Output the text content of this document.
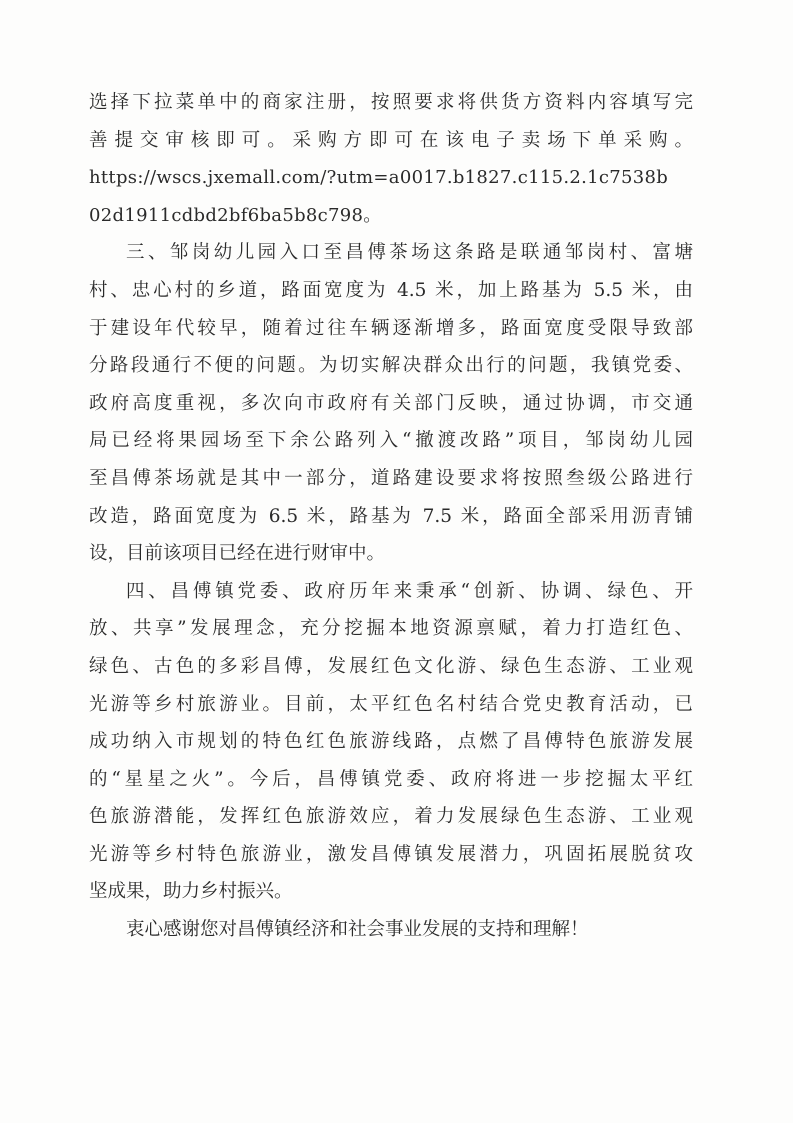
选择下拉菜单中的商家注册，按照要求将供货方资料内容填写完
善提交审核即可。采购方即可在该电子卖场下单采购。
https://wscs.jxemall.com/?utm=a0017.b1827.c115.2.1c7538b
02d1911cdbd2bf6ba5b8c798。
三、邹岗幼儿园入口至昌傅茶场这条路是联通邹岗村、富塘
村、忠心村的乡道，路面宽度为 4.5 米，加上路基为 5.5 米，由
于建设年代较早，随着过往车辆逐渐增多，路面宽度受限导致部
分路段通行不便的问题。为切实解决群众出行的问题，我镇党委、
政府高度重视，多次向市政府有关部门反映，通过协调，市交通
局已经将果园场至下余公路列入“撤渡改路”项目，邹岗幼儿园
至昌傅茶场就是其中一部分，道路建设要求将按照叁级公路进行
改造，路面宽度为 6.5 米，路基为 7.5 米，路面全部采用沥青铺
设，目前该项目已经在进行财审中。
四、昌傅镇党委、政府历年来秉承“创新、协调、绿色、开
放、共享”发展理念，充分挖掘本地资源禀赋，着力打造红色、
绿色、古色的多彩昌傅，发展红色文化游、绿色生态游、工业观
光游等乡村旅游业。目前，太平红色名村结合党史教育活动，已
成功纳入市规划的特色红色旅游线路，点燃了昌傅特色旅游发展
的“星星之火”。今后，昌傅镇党委、政府将进一步挖掘太平红
色旅游潜能，发挥红色旅游效应，着力发展绿色生态游、工业观
光游等乡村特色旅游业，激发昌傅镇发展潜力，巩固拓展脱贫攻
坚成果，助力乡村振兴。
衷心感谢您对昌傅镇经济和社会事业发展的支持和理解！
